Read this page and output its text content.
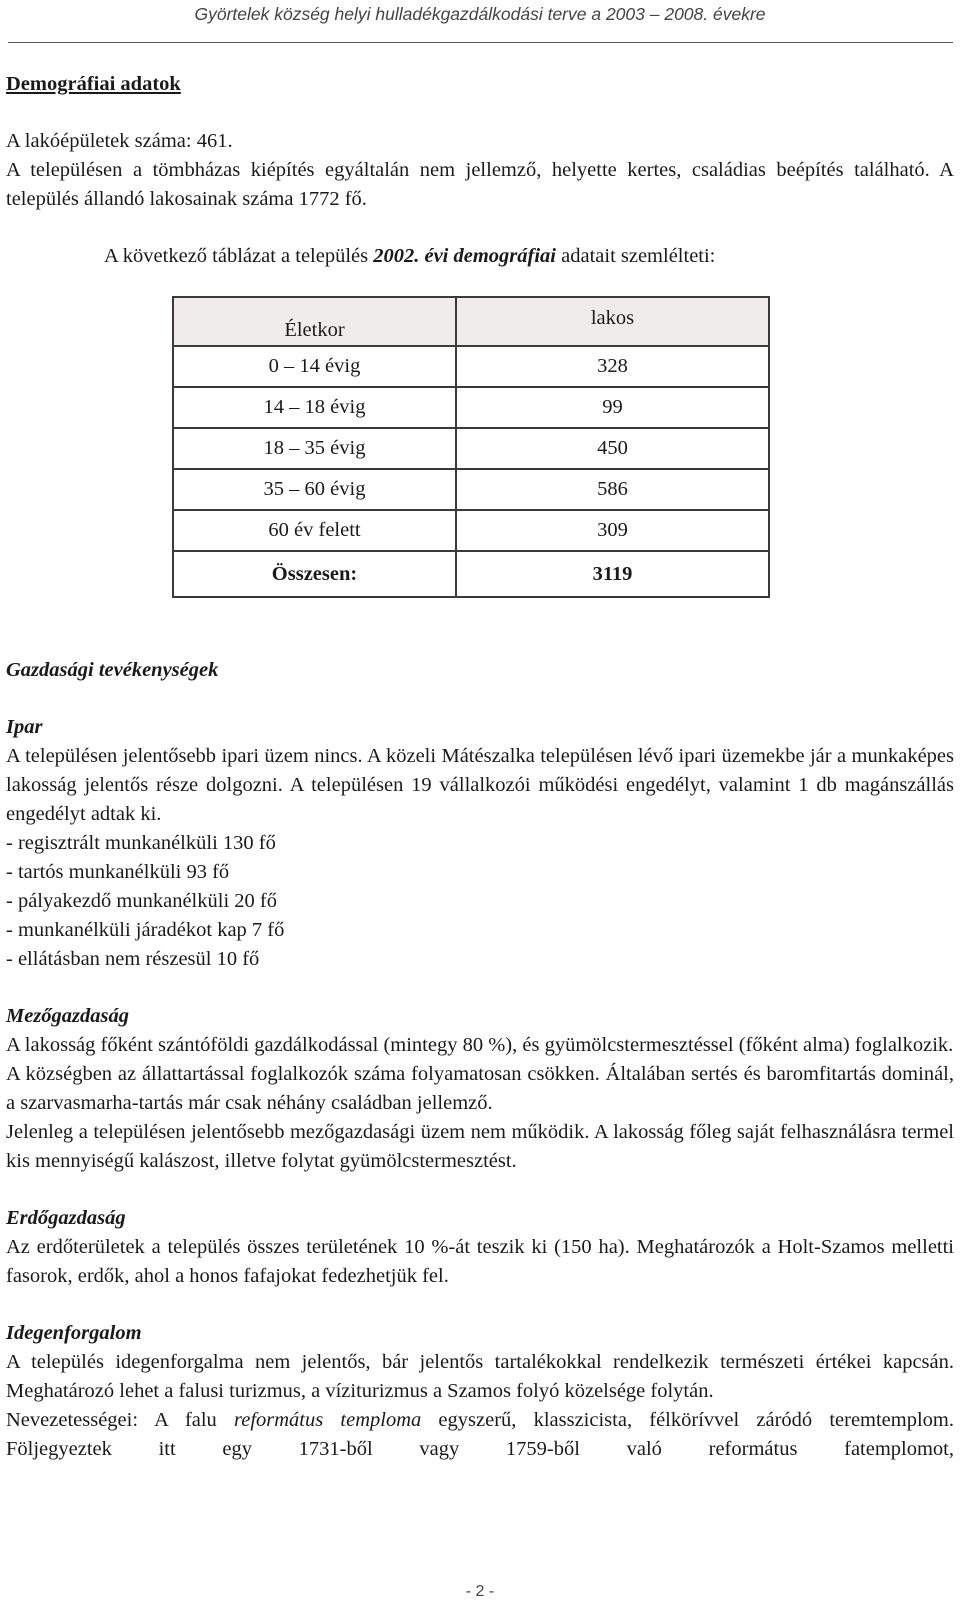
Györtelek község helyi hulladékgazdálkodási terve a 2003 – 2008. évekre
Demográfiai adatok

A lakóépületek száma: 461.

A településen a tömbházas kiépítés egyáltalán nem jellemző, helyette kertes, családias beépítés található. A település állandó lakosainak száma 1772 fő.

A következő táblázat a település 2002. évi demográfiai adatait szemlélteti:

Életkor	lakos
0 – 14 évig	328
14 – 18 évig	99
18 – 35 évig	450
35 – 60 évig	586
60 év felett	309
Összesen:	3119
Gazdasági tevékenységek
Ipar

A településen jelentősebb ipari üzem nincs. A közeli Mátészalka településen lévő ipari üzemekbe jár a munkaképes lakosság jelentős része dolgozni. A településen 19 vállalkozói működési engedélyt, valamint 1 db magánszállás engedélyt adtak ki.

- regisztrált munkanélküli 130 fő
- tartós munkanélküli 93 fő
- pályakezdő munkanélküli 20 fő
- munkanélküli járadékot kap 7 fő
- ellátásban nem részesül 10 fő
Mezőgazdaság

A lakosság főként szántóföldi gazdálkodással (mintegy 80 %), és gyümölcstermesztéssel (főként alma) foglalkozik.

A községben az állattartással foglalkozók száma folyamatosan csökken. Általában sertés és baromfitartás dominál, a szarvasmarha-tartás már csak néhány családban jellemző.

Jelenleg a településen jelentősebb mezőgazdasági üzem nem működik. A lakosság főleg saját felhasználásra termel kis mennyiségű kalászost, illetve folytat gyümölcstermesztést.

Erdőgazdaság

Az erdőterületek a település összes területének 10 %-át teszik ki (150 ha). Meghatározók a Holt-Szamos melletti fasorok, erdők, ahol a honos fafajokat fedezhetjük fel.

Idegenforgalom

A település idegenforgalma nem jelentős, bár jelentős tartalékokkal rendelkezik természeti értékei kapcsán. Meghatározó lehet a falusi turizmus, a víziturizmus a Szamos folyó közelsége folytán.

Nevezetességei: A falu református temploma egyszerű, klasszicista, félkörívvel záródó teremtemplom. Följegyeztek itt egy 1731-ből vagy 1759-ből való református fatemplomot,

- 2 -
